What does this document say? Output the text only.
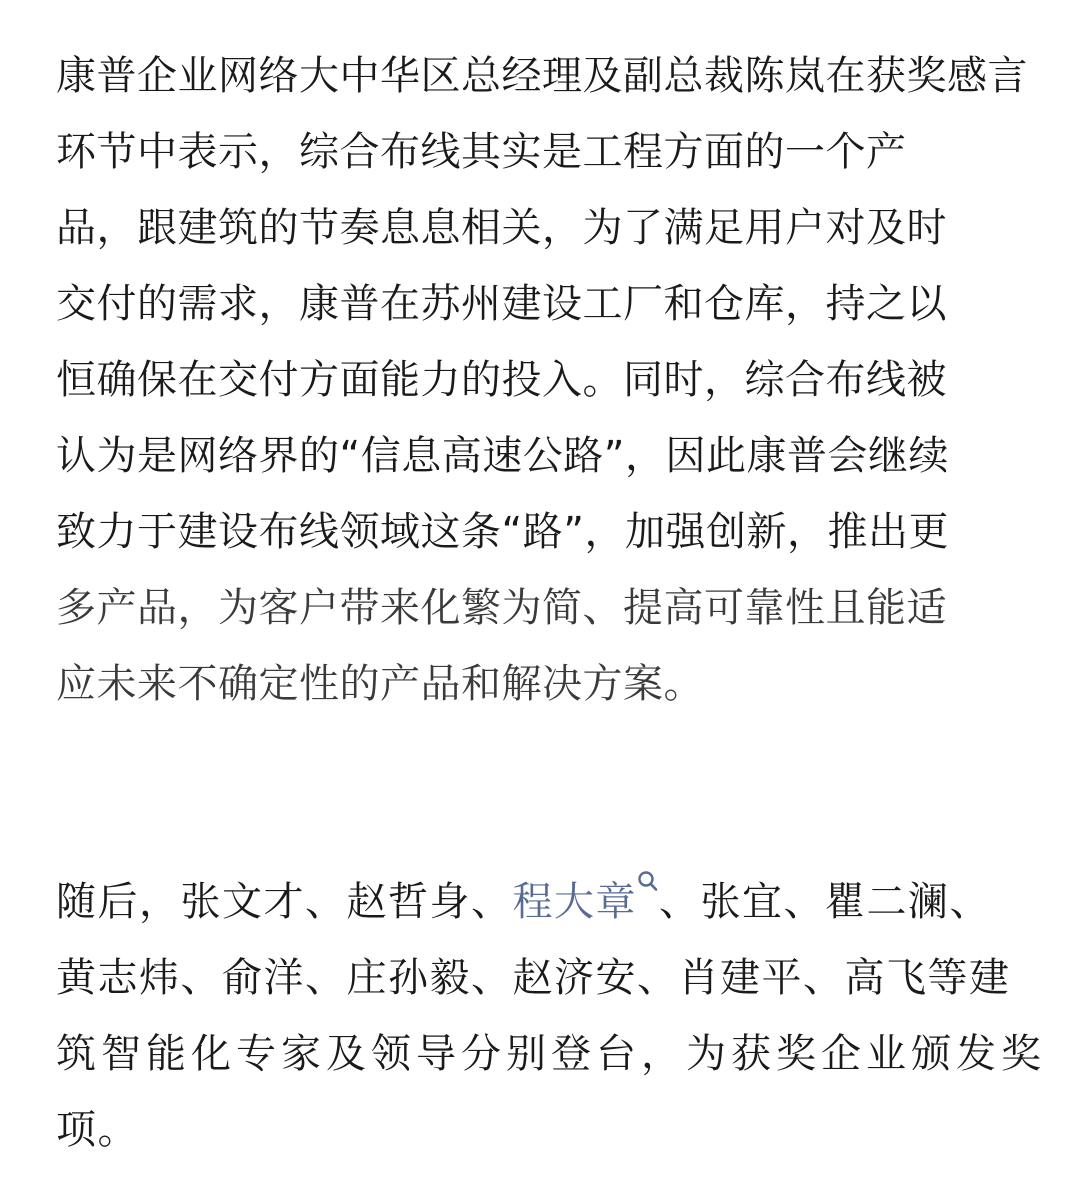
康普企业网络大中华区总经理及副总裁陈岚在获奖感言
环节中表示，综合布线其实是工程方面的一个产
品，跟建筑的节奏息息相关，为了满足用户对及时
交付的需求，康普在苏州建设工厂和仓库，持之以
恒确保在交付方面能力的投入。同时，综合布线被
认为是网络界的“信息高速公路”，因此康普会继续
致力于建设布线领域这条“路”，加强创新，推出更
多产品，为客户带来化繁为简、提高可靠性且能适
应未来不确定性的产品和解决方案。
随后，张文才、赵哲身、程大章 、张宜、瞿二澜、
黄志炜、俞洋、庄孙毅、赵济安、肖建平、高飞等建
筑智能化专家及领导分别登台，为获奖企业颁发奖
项。
